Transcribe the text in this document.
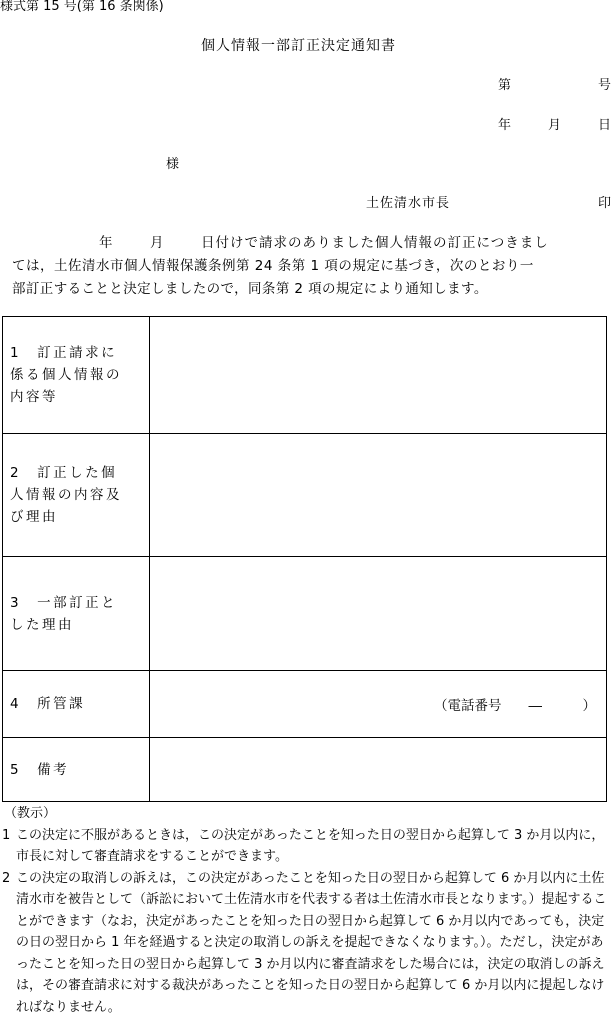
様式第 15 号(第 16 条関係)
個人情報一部訂正決定通知書
第	号
年	月	日
様
土佐清水市長	印
年	月	日付けで請求のありました個人情報の訂正につきまし
ては，土佐清水市個人情報保護条例第 24 条第 1 項の規定に基づき，次のとおり一
部訂正することと決定しましたので，同条第 2 項の規定により通知します。
1　訂正請求に
係る個人情報の
内容等	

2　訂正した個
人情報の内容及
び理由	

3　一部訂正と
した理由	

4　所管課	（電話番号　　―　　　）

5　備考	

（教示）
1 この決定に不服があるときは，この決定があったことを知った日の翌日から起算して 3 か月以内に，市長に対して審査請求をすることができます。
2 この決定の取消しの訴えは，この決定があったことを知った日の翌日から起算して 6 か月以内に土佐清水市を被告として（訴訟において土佐清水市を代表する者は土佐清水市長となります。）提起することができます（なお，決定があったことを知った日の翌日から起算して 6 か月以内であっても，決定の日の翌日から 1 年を経過すると決定の取消しの訴えを提起できなくなります。）。ただし，決定があったことを知った日の翌日から起算して 3 か月以内に審査請求をした場合には，決定の取消しの訴えは，その審査請求に対する裁決があったことを知った日の翌日から起算して 6 か月以内に提起しなければなりません。
